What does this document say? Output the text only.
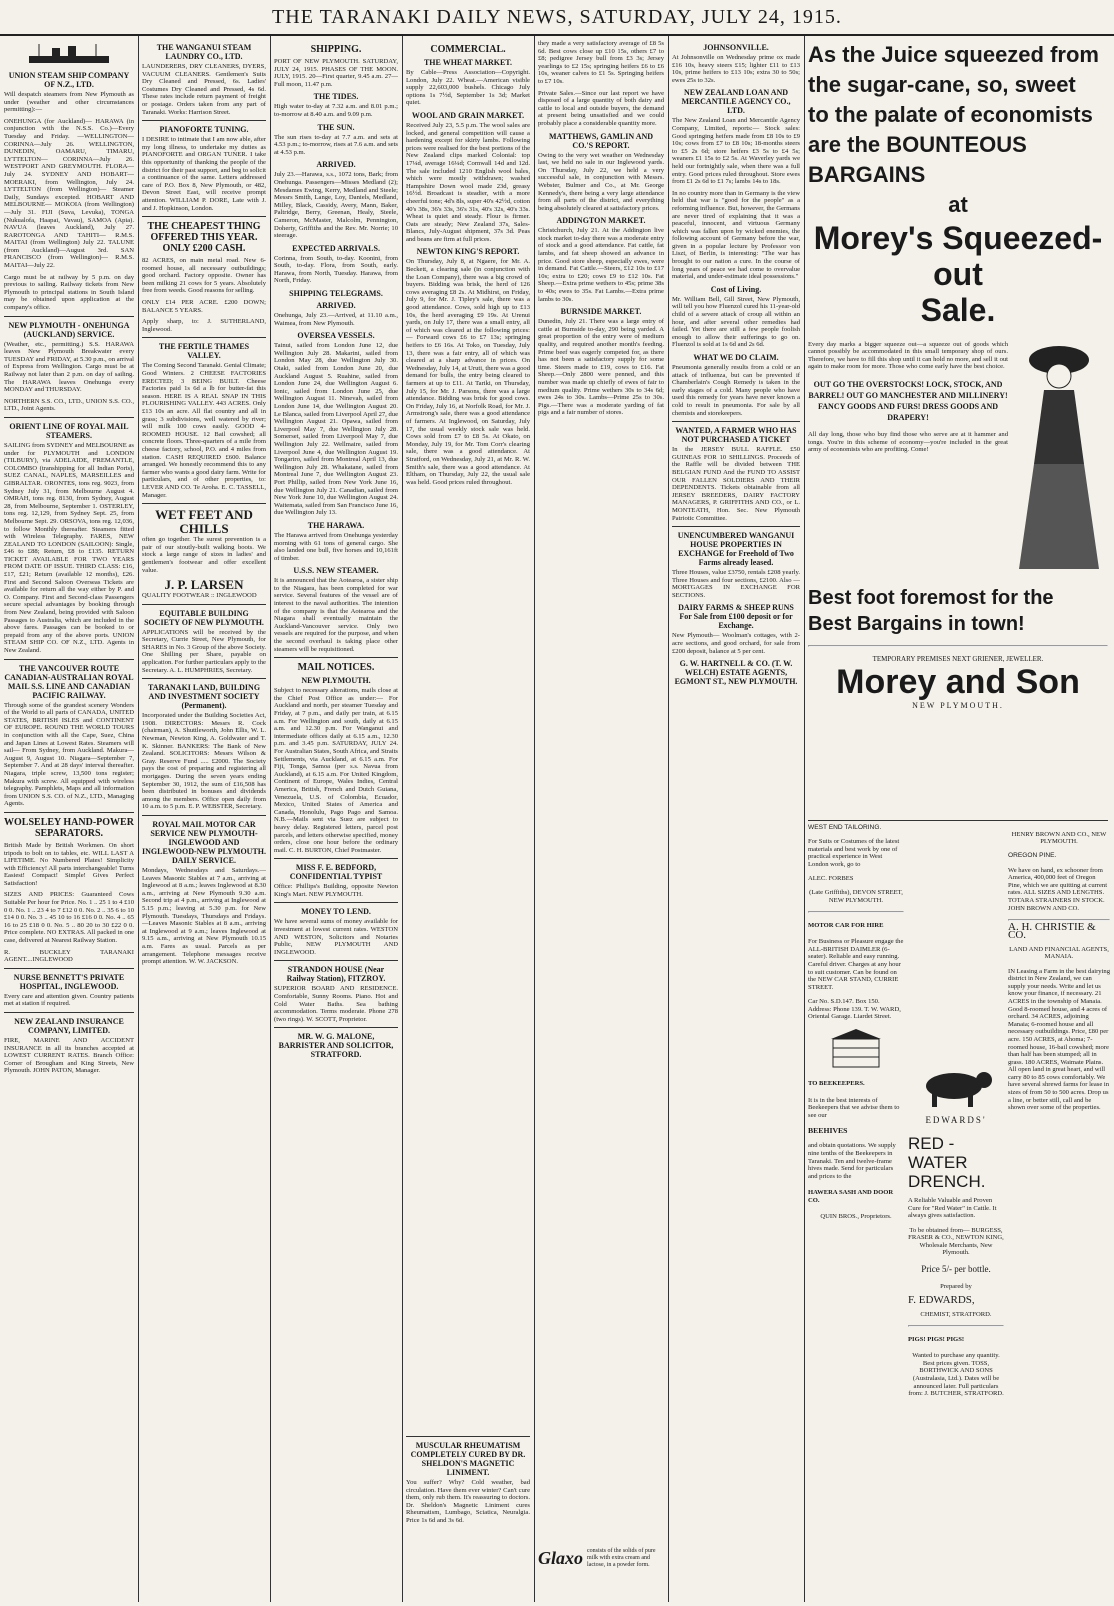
THE TARANAKI DAILY NEWS, SATURDAY, JULY 24, 1915.
UNION STEAM SHIP COMPANY OF N.Z., LTD.

Will despatch steamers from New Plymouth as under (weather and other circumstances permitting):—

ONEHUNGA (for Auckland)— HARAWA (in conjunction with the N.S.S. Co.)—Every Tuesday and Friday. —WELLINGTON— CORINNA—July 26. WELLINGTON, DUNEDIN, OAMARU, TIMARU, LYTTELTON— CORINNA—July 26. WESTPORT AND GREYMOUTH. FLORA—July 24. SYDNEY AND HOBART— MOERAKI, from Wellington, July 24. LYTTELTON (from Wellington)— Steamer Daily, Sundays excepted. HOBART AND MELBOURNE— MOKOIA (from Wellington)—July 31. FIJI (Suva, Levuka), TONGA (Nukualofa, Haapai, Vavau), SAMOA (Apia). NAVUA (leaves Auckland), July 27. RAROTONGA AND TAHITI— R.M.S. MAITAI (from Wellington) July 22. TALUNE (from Auckland)—August 3rd. SAN FRANCISCO (from Wellington)— R.M.S. MAITAI—July 22.

Cargo must be at railway by 5 p.m. on day previous to sailing. Railway tickets from New Plymouth to principal stations in South Island may be obtained upon application at the company's office.

NEW PLYMOUTH - ONEHUNGA (AUCKLAND) SERVICE.

(Weather, etc., permitting.) S.S. HARAWA leaves New Plymouth Breakwater every TUESDAY and FRIDAY, at 5.30 p.m., on arrival of Express from Wellington. Cargo must be at Railway not later than 2 p.m. on day of sailing. The HARAWA leaves Onehunga every MONDAY and THURSDAY.

NORTHERN S.S. CO., LTD., UNION S.S. CO., LTD., Joint Agents.

ORIENT LINE OF ROYAL MAIL STEAMERS.

SAILING from SYDNEY and MELBOURNE as under for PLYMOUTH and LONDON (TILBURY), via ADELAIDE, FREMANTLE, COLOMBO (transhipping for all Indian Ports), SUEZ CANAL, NAPLES, MARSEILLES and GIBRALTAR. ORONTES, tons reg. 9023, from Sydney July 31, from Melbourne August 4. OMRAH, tons reg. 8130, from Sydney, August 28, from Melbourne, September 1. OSTERLEY, tons reg. 12,129, from Sydney Sept. 25, from Melbourne Sept. 29. ORSOVA, tons reg. 12,036, to follow Monthly thereafter. Steamers fitted with Wireless Telegraphy. FARES, NEW ZEALAND TO LONDON (SAILOON): Single, £46 to £88; Return, £8 to £135. RETURN TICKET AVAILABLE FOR TWO YEARS FROM DATE OF ISSUE. THIRD CLASS: £16, £17, £21; Return (available 12 months), £26. First and Second Saloon Overseas Tickets are available for return all the way either by P. and O. Company. First and Second-class Passengers secure special advantages by booking through from New Zealand, being provided with Saloon Passages to Australia, which are included in the above fares. Passages can be booked to or prepaid from any of the above ports. UNION STEAM SHIP CO. OF N.Z., LTD. Agents in New Zealand.

THE VANCOUVER ROUTE CANADIAN-AUSTRALIAN ROYAL MAIL S.S. LINE AND CANADIAN PACIFIC RAILWAY.

Through some of the grandest scenery Wonders of the World to all parts of CANADA, UNITED STATES, BRITISH ISLES and CONTINENT OF EUROPE. ROUND THE WORLD TOURS in conjunction with all the Cape, Suez, China and Japan Lines at Lowest Rates. Steamers will sail— From Sydney, from Auckland. Makura—August 9, August 10. Niagara—September 7, September 7. And at 28 days' interval thereafter. Niagara, triple screw, 13,500 tons register; Makura with screw. All equipped with wireless telegraphy. Pamphlets, Maps and all information from UNION S.S. CO. of N.Z., LTD., Managing Agents.

WOLSELEY HAND-POWER SEPARATORS.

British Made by British Workmen. On short tripods to bolt on to tables, etc. WILL LAST A LIFETIME. No Numbered Plates! Simplicity with Efficiency! All parts interchangeable! Turns Easiest! Compact! Simple! Gives Perfect Satisfaction!

SIZES AND PRICES: Guaranteed Cows Suitable Per hour for Price. No. 1 .. 25 1 to 4 £10 0 0. No. 1 .. 23 4 to 7 £12 0 0. No. 2 .. 35 6 to 10 £14 0 0. No. 3 .. 45 10 to 16 £16 0 0. No. 4 .. 65 16 to 25 £18 0 0. No. 5 .. 80 20 to 30 £22 0 0. Price complete. NO EXTRAS. All packed in one case, delivered at Nearest Railway Station.

R. BUCKLEY TARANAKI AGENT....INGLEWOOD

NURSE BENNETT'S PRIVATE HOSPITAL, INGLEWOOD.

Every care and attention given. Country patients met at station if required.

NEW ZEALAND INSURANCE COMPANY, LIMITED.

FIRE, MARINE AND ACCIDENT INSURANCE in all its branches accepted at LOWEST CURRENT RATES. Branch Office: Corner of Brougham and King Streets, New Plymouth. JOHN PATON, Manager.

THE WANGANUI STEAM LAUNDRY CO., LTD.

LAUNDERERS, DRY CLEANERS, DYERS, VACUUM CLEANERS. Gentlemen's Suits Dry Cleaned and Pressed, 6s. Ladies' Costumes Dry Cleaned and Pressed, 4s 6d. These rates include return payment of freight or postage. Orders taken from any part of Taranaki. Works: Harrison Street.

PIANOFORTE TUNING.

I DESIRE to intimate that I am now able, after my long illness, to undertake my duties as PIANOFORTE and ORGAN TUNER. I take this opportunity of thanking the people of the district for their past support, and beg to solicit a continuance of the same. Letters addressed care of P.O. Box 8, New Plymouth, or 482, Devon Street East, will receive prompt attention. WILLIAM P. DORE, Late with J. and J. Hopkinson, London.

THE CHEAPEST THING OFFERED THIS YEAR. ONLY £200 CASH.

82 ACRES, on main metal road. New 6-roomed house, all necessary outbuildings; good orchard. Factory opposite. Owner has been milking 21 cows for 5 years. Absolutely free from weeds. Good reasons for selling.

ONLY £14 PER ACRE. £200 DOWN; BALANCE 5 YEARS.

Apply sharp, to: J. SUTHERLAND, Inglewood.

THE FERTILE THAMES VALLEY.

The Coming Second Taranaki. Genial Climate; Good Winters. 2 CHEESE FACTORIES ERECTED; 3 BEING BUILT. Cheese Factories paid 1s 6d a lb for butter-fat this season. HERE IS A REAL SNAP IN THIS FLOURISHING VALLEY. 443 ACRES. Only £13 10s an acre. All flat country and all in grass; 3 subdivisions, well watered by river; will milk 100 cows easily. GOOD 4-ROOMED HOUSE. 12 Bail cowshed; all concrete floors. Three-quarters of a mile from cheese factory, school, P.O. and 4 miles from station. CASH REQUIRED £600. Balance arranged. We honestly recommend this to any farmer who wants a good dairy farm. Write for particulars, and of other properties, to: LEVER AND CO. Te Aroha. E. C. TASSELL, Manager.

WET FEET AND CHILLS

often go together. The surest prevention is a pair of our stoutly-built walking boots. We stock a large range of sizes in ladies' and gentlemen's footwear and offer excellent value.

J. P. LARSEN

QUALITY FOOTWEAR :: INGLEWOOD

EQUITABLE BUILDING SOCIETY OF NEW PLYMOUTH.

APPLICATIONS will be received by the Secretary, Currie Street, New Plymouth, for SHARES in No. 3 Group of the above Society. One Shilling per Share, payable on application. For further particulars apply to the Secretary. A. L. HUMPHRIES, Secretary.

TARANAKI LAND, BUILDING AND INVESTMENT SOCIETY (Permanent).

Incorporated under the Building Societies Act, 1908. DIRECTORS: Messrs R. Cock (chairman), A. Shuttleworth, John Ellis, W. L. Newman, Newton King, A. Goldwater and T. K. Skinner. BANKERS: The Bank of New Zealand. SOLICITORS: Messrs Wilson & Gray. Reserve Fund ..... £2000. The Society pays the cost of preparing and registering all mortgages. During the seven years ending September 30, 1912, the sum of £16,508 has been distributed in bonuses and dividends among the members. Office open daily from 10 a.m. to 5 p.m. E. P. WEBSTER, Secretary.

ROYAL MAIL MOTOR CAR SERVICE NEW PLYMOUTH-INGLEWOOD AND INGLEWOOD-NEW PLYMOUTH. DAILY SERVICE.

Mondays, Wednesdays and Saturdays.—Leaves Masonic Stables at 7 a.m., arriving at Inglewood at 8 a.m.; leaves Inglewood at 8.30 a.m., arriving at New Plymouth 9.30 a.m. Second trip at 4 p.m., arriving at Inglewood at 5.15 p.m.; leaving at 5.30 p.m. for New Plymouth. Tuesdays, Thursdays and Fridays.—Leaves Masonic Stables at 8 a.m., arriving at Inglewood at 9 a.m.; leaves Inglewood at 9.15 a.m., arriving at New Plymouth 10.15 a.m. Fares as usual. Parcels as per arrangement. Telephone messages receive prompt attention. W. W. JACKSON.

SHIPPING.

PORT OF NEW PLYMOUTH. SATURDAY, JULY 24, 1915. PHASES OF THE MOON. JULY, 1915. 20—First quarter, 9.45 a.m. 27—Full moon, 11.47 p.m.

THE TIDES.

High water to-day at 7.32 a.m. and 8.01 p.m.; to-morrow at 8.40 a.m. and 9.09 p.m.

THE SUN.

The sun rises to-day at 7.7 a.m. and sets at 4.53 p.m.; to-morrow, rises at 7.6 a.m. and sets at 4.53 p.m.

ARRIVED.

July 23.—Harawa, s.s., 1072 tons, Bark; from Onehunga. Passengers—Misses Medland (2); Mesdames Ewing, Kerry, Medland and Steele; Messrs Smith, Lange, Loy, Daniels, Medland, Milley, Black, Cassidy, Avery, Mann, Baker, Paltridge, Berry, Greenan, Healy, Steele, Cameron, McMaster, Malcolm, Pennington, Doherty, Griffiths and the Rev. Mr. Norrie; 10 steerage.

EXPECTED ARRIVALS.

Corinna, from South, to-day. Koonini, from South, to-day. Flora, from South, early. Harawa, from North, Tuesday. Harawa, from North, Friday.

SHIPPING TELEGRAMS.
ARRIVED.

Onehunga, July 23.—Arrived, at 11.10 a.m., Waimea, from New Plymouth.

OVERSEA VESSELS.

Tainui, sailed from London June 12, due Wellington July 28. Makarini, sailed from London May 28, due Wellington July 30. Otaki, sailed from London June 20, due Auckland August 5. Ruahine, sailed from London June 24, due Wellington August 6. Ionic, sailed from London June 25, due Wellington August 11. Ninevah, sailed from London June 14, due Wellington August 20. Le Blanca, sailed from Liverpool April 27, due Wellington August 21. Opawa, sailed from Liverpool May 7, due Wellington July 28. Somerset, sailed from Liverpool May 7, due Wellington July 22. Wellmaire, sailed from Liverpool June 4, due Wellington August 19. Tongariro, sailed from Montreal April 13, due Wellington July 28. Whakatane, sailed from Montreal June 7, due Wellington August 23. Port Phillip, sailed from New York June 16, due Wellington July 21. Canadian, sailed from New York June 10, due Wellington August 24. Waitemata, sailed from San Francisco June 16, due Wellington July 13.

THE HARAWA.

The Harawa arrived from Onehunga yesterday morning with 61 tons of general cargo. She also landed one bull, five horses and 10,161ft of timber.

U.S.S. NEW STEAMER.

It is announced that the Aotearoa, a sister ship to the Niagara, has been completed for war service. Several features of the vessel are of interest to the naval authorities. The intention of the company is that the Aotearoa and the Niagara shall eventually maintain the Auckland-Vancouver service. Only two vessels are required for the purpose, and when the second overhaul is taking place other steamers will be requisitioned.

MAIL NOTICES.
NEW PLYMOUTH.

Subject to necessary alterations, mails close at the Chief Post Office as under:— For Auckland and north, per steamer Tuesday and Friday, at 7 p.m., and daily per train, at 6.15 a.m. For Wellington and south, daily at 6.15 a.m. and 12.30 p.m. For Wanganui and intermediate offices daily at 6.15 a.m., 12.30 p.m. and 3.45 p.m. SATURDAY, JULY 24. For Australian States, South Africa, and Straits Settlements, via Auckland, at 6.15 a.m. For Fiji, Tonga, Samoa (per s.s. Navua from Auckland), at 6.15 a.m. For United Kingdom, Continent of Europe, Wales Indies, Central America, British, French and Dutch Guiana, Venezuela, U.S. of Colombia, Ecuador, Mexico, United States of America and Canada, Honolulu, Pago Pago and Samoa. N.B.—Mails sent via Suez are subject to heavy delay. Registered letters, parcel post parcels, and letters otherwise specified, money orders, close one hour before the ordinary mail. C. H. BURTON, Chief Postmaster.

MISS F. E. BEDFORD, CONFIDENTIAL TYPIST

Office: Phillips's Building, opposite Newton King's Mart. NEW PLYMOUTH.

MONEY TO LEND.

We have several sums of money available for investment at lowest current rates. WESTON AND WESTON, Solicitors and Notaries Public, NEW PLYMOUTH AND INGLEWOOD.

STRANDON HOUSE (Near Railway Station), FITZROY.

SUPERIOR BOARD AND RESIDENCE. Comfortable, Sunny Rooms. Piano. Hot and Cold Water Baths. Sea bathing accommodation. Terms moderate. Phone 278 (two rings). W. SCOTT, Proprietor.

MR. W. G. MALONE, BARRISTER AND SOLICITOR, STRATFORD.
COMMERCIAL.
THE WHEAT MARKET.

By Cable—Press Association—Copyright. London, July 22. Wheat.—American visible supply 22,603,000 bushels. Chicago July options 1s 7½d, September 1s 3d; Market quiet.

WOOL AND GRAIN MARKET.

Received July 23, 5.5 p.m. The wool sales are locked, and general competition will cause a hardening except for skirty lambs. Following prices were realised for the best portions of the New Zealand clips marked Colonial: top 17¼d, average 16¼d; Cornwall 14d and 12d. The sale included 1210 English wool bales, which were mostly withdrawn; washed Hampshire Down wool made 23d, greasy 16½d. Broadcast is steadier, with a more cheerful tone; 4d's 8ls, super 40's 42½d, cotton 40's 38s, 36's 33s, 36's 31s, 40's 32s, 40's 33s. Wheat is quiet and steady. Flour is firmer. Oats are steady; New Zealand 37s, Sales-Blancs, July-August shipment, 37s 3d. Peas and beans are firm at full prices.

NEWTON KING'S REPORT.

On Thursday, July 8, at Ngaere, for Mr. A. Beckett, a clearing sale (in conjunction with the Loan Company), there was a big crowd of buyers. Bidding was brisk, the herd of 126 cows averaging £8 2s. At Midhirst, on Friday, July 9, for Mr. J. Tipley's sale, there was a good attendance. Cows, sold high up to £13 10s, the herd averaging £9 19s. At Urenui yards, on July 17, there was a small entry, all of which was cleared at the following prices:— Forward cows £6 to £7 13s; springing heifers to £6 16s. At Toko, on Tuesday, July 13, there was a fair entry, all of which was cleared at a sharp advance in prices. On Wednesday, July 14, at Uruti, there was a good demand for bulls, the entry being cleared to farmers at up to £11. At Tariki, on Thursday, July 15, for Mr. J. Parsons, there was a large attendance. Bidding was brisk for good cows. On Friday, July 16, at Norfolk Road, for Mr. J. Armstrong's sale, there was a good attendance of farmers. At Inglewood, on Saturday, July 17, the usual weekly stock sale was held. Cows sold from £7 to £8 5s. At Okato, on Monday, July 19, for Mr. Tom Corr's clearing sale, there was a good attendance. At Stratford, on Wednesday, July 21, at Mr. R. W. Smith's sale, there was a good attendance. At Eltham, on Thursday, July 22, the usual sale was held. Good prices ruled throughout.

MUSCULAR RHEUMATISM COMPLETELY CURED BY DR. SHELDON'S MAGNETIC LINIMENT.

You suffer? Why? Cold weather, bad circulation. Have them ever winter? Can't cure them, only rub them. It's reassuring to doctors. Dr. Sheldon's Magnetic Liniment cures Rheumatism, Lumbago, Sciatica, Neuralgia. Price 1s 6d and 3s 6d.

they made a very satisfactory average of £8 5s 6d. Best cows close up £10 15s, others £7 to £8; pedigree Jersey bull from £3 3s; Jersey yearlings to £2 15s; springing heifers £6 to £6 10s, weaner calves to £1 5s. Springing heifers to £7 10s.

Private Sales.—Since our last report we have disposed of a large quantity of both dairy and cattle to local and outside buyers, the demand at present being unsatisfied and we could probably place a considerable quantity more.

MATTHEWS, GAMLIN AND CO.'S REPORT.

Owing to the very wet weather on Wednesday last, we held no sale in our Inglewood yards. On Thursday, July 22, we held a very successful sale, in conjunction with Messrs. Webster, Bulmer and Co., at Mr. George Kennedy's, there being a very large attendance from all parts of the district, and everything being absolutely cleared at satisfactory prices.

ADDINGTON MARKET.

Christchurch, July 21. At the Addington live stock market to-day there was a moderate entry of stock and a good attendance. Fat cattle, fat lambs, and fat sheep showed an advance in price. Good store sheep, especially ewes, were in demand. Fat Cattle.—Steers, £12 10s to £17 10s; extra to £20; cows £9 to £12 10s. Fat Sheep.—Extra prime wethers to 45s; prime 38s to 40s; ewes to 35s. Fat Lambs.—Extra prime lambs to 30s.

BURNSIDE MARKET.

Dunedin, July 21. There was a large entry of cattle at Burnside to-day, 290 being yarded. A great proportion of the entry were of medium quality, and required another month's feeding. Prime beef was eagerly competed for, as there has not been a satisfactory supply for some time. Steers made to £19, cows to £16. Fat Sheep.—Only 2800 were penned, and this number was made up chiefly of ewes of fair to medium quality. Prime wethers 30s to 34s 6d; ewes 24s to 30s. Lambs—Prime 25s to 30s. Pigs.—There was a moderate yarding of fat pigs and a fair number of stores.

Glaxo consists of the solids of pure milk with extra cream and lactose, in a powder form.
JOHNSONVILLE.

At Johnsonville on Wednesday prime ox made £16 10s, heavy steers £15; lighter £11 to £13 10s, prime heifers to £13 10s; extra 30 to 50s; ewes 25s to 32s.

NEW ZEALAND LOAN AND MERCANTILE AGENCY CO., LTD.

The New Zealand Loan and Mercantile Agency Company, Limited, reports:— Stock sales: Good springing heifers made from £8 10s to £9 10s; cows from £7 to £8 10s; 18-months steers to £5 2s 6d; store heifers £3 5s to £4 5s; weaners £1 15s to £2 5s. At Waverley yards we held our fortnightly sale, when there was a full entry. Good prices ruled throughout. Store ewes from £1 2s 6d to £1 7s; lambs 14s to 18s.

In no country more than in Germany is the view held that war is "good for the people" as a reforming influence. But, however, the Germans are never tired of explaining that it was a peaceful, innocent, and virtuous Germany which was fallen upon by wicked enemies, the following account of Germany before the war, given in a popular lecture by Professor von Liszt, of Berlin, is interesting: "The war has brought to our nation a cure. In the course of long years of peace we had come to overvalue material, and under-estimate ideal possessions."

Cost of Living.

Mr. William Bell, Gill Street, New Plymouth, will tell you how Fluenzol cured his 11-year-old child of a severe attack of croup all within an hour, and after several other remedies had failed. Yet there are still a few people foolish enough to allow their sufferings to go on. Fluenzol is sold at 1s 6d and 2s 6d.

WHAT WE DO CLAIM.

Pneumonia generally results from a cold or an attack of influenza, but can be prevented if Chamberlain's Cough Remedy is taken in the early stages of a cold. Many people who have used this remedy for years have never known a cold to result in pneumonia. For sale by all chemists and storekeepers.

WANTED, A FARMER WHO HAS NOT PURCHASED A TICKET

In the JERSEY BULL RAFFLE. £50 GUINEAS FOR 10 SHILLINGS. Proceeds of the Raffle will be divided between THE BELGIAN FUND And the FUND TO ASSIST OUR FALLEN SOLDIERS AND THEIR DEPENDENTS. Tickets obtainable from all JERSEY BREEDERS, DAIRY FACTORY MANAGERS, P. GRIFFITHS AND CO., or L. MONTEATH, Hon. Sec. New Plymouth Patriotic Committee.

UNENCUMBERED WANGANUI HOUSE PROPERTIES IN EXCHANGE for Freehold of Two Farms already leased.

Three Houses, value £3750, rentals £208 yearly. Three Houses and four sections, £2100. Also — MORTGAGES IN EXCHANGE FOR SECTIONS.

DAIRY FARMS & SHEEP RUNS For Sale from £100 deposit or for Exchange.

New Plymouth— Woolman's cottages, with 2-acre sections, and good orchard, for sale from £200 deposit, balance at 5 per cent.

G. W. HARTNELL & CO. (T. W. WELCH) ESTATE AGENTS, EGMONT ST., NEW PLYMOUTH.
As the Juice squeezed from
the sugar-cane, so, sweet
to the palate of economists
are the BOUNTEOUS BARGAINS
at
Morey's Squeezed-out
Sale.

Every day marks a bigger squeeze out—a squeeze out of goods which cannot possibly be accommodated in this small temporary shop of ours. Therefore, we have to fill this shop until it can hold no more, and sell it out again to make room for more. Those who come early have the best choice.

OUT GO THE OVERSTOCKS! LOCK, STOCK, AND BARREL! OUT GO MANCHESTER AND MILLINERY! FANCY GOODS AND FURS! DRESS GOODS AND DRAPERY!

All day long, those who buy find those who serve are at it hammer and tongs. You're in this scheme of economy—you're included in the great army of economists who are profiting. Come!

Best foot foremost for the
Best Bargains in town!
TEMPORARY PREMISES NEXT GRIENER, JEWELLER.
Morey and Son
NEW PLYMOUTH.
WEST END TAILORING.

For Suits or Costumes of the latest materials and best work by one of practical experience in West London work, go to

ALEC. FORBES

(Late Griffiths), DEVON STREET, NEW PLYMOUTH.

MOTOR CAR FOR HIRE

For Business or Pleasure engage the ALL-BRITISH DAIMLER (6-seater). Reliable and easy running. Careful driver. Charges at any hour to suit customer. Can be found on the NEW CAR STAND, CURRIE STREET.

Car No. S.D.147. Box 150. Address: Phone 139. T. W. WARD, Oriental Garage. Liardet Street.

TO BEEKEEPERS.

It is in the best interests of Beekeepers that we advise them to see our

BEEHIVES

and obtain quotations. We supply nine tenths of the Beekeepers in Taranaki. Ten and twelve-frame hives made. Send for particulars and prices to the

HAWERA SASH AND DOOR CO.

QUIN BROS., Proprietors.

HENRY BROWN AND CO., NEW PLYMOUTH.

OREGON PINE.

We have on hand, ex schooner from America, 400,000 feet of Oregon Pine, which we are quitting at current rates. ALL SIZES AND LENGTHS. TOTARA STRAINERS IN STOCK. JOHN BROWN AND CO.

A. H. CHRISTIE & CO.

LAND AND FINANCIAL AGENTS, MANAIA.

IN Leasing a Farm in the best dairying district in New Zealand, we can supply your needs. Write and let us know your finance, if necessary. 21 ACRES in the township of Manaia. Good 8-roomed house, and 4 acres of orchard. 34 ACRES, adjoining Manaia; 6-roomed house and all necessary outbuildings. Price, £80 per acre. 150 ACRES, at Ahoma; 7-roomed house, 16-bail cowshed; more than half has been stumped; all in grass. 180 ACRES, Waimate Plains. All open land in great heart, and will carry 80 to 85 cows comfortably. We have several shrewd farms for lease in sizes of from 50 to 500 acres. Drop us a line, or better still, call and be shown over some of the properties.

EDWARDS'

RED - WATER
DRENCH.

A Reliable Valuable and Proven Cure for "Red Water" in Cattle. It always gives satisfaction.

To be obtained from— BURGESS, FRASER & CO., NEWTON KING, Wholesale Merchants, New Plymouth.

Price 5/- per bottle.

Prepared by

F. EDWARDS,

CHEMIST, STRATFORD.

PIGS! PIGS! PIGS!

Wanted to purchase any quantity. Best prices given. TOSS, BORTHWICK AND SONS (Australasia, Ltd.). Dates will be announced later. Full particulars from: J. BUTCHER, STRATFORD.
